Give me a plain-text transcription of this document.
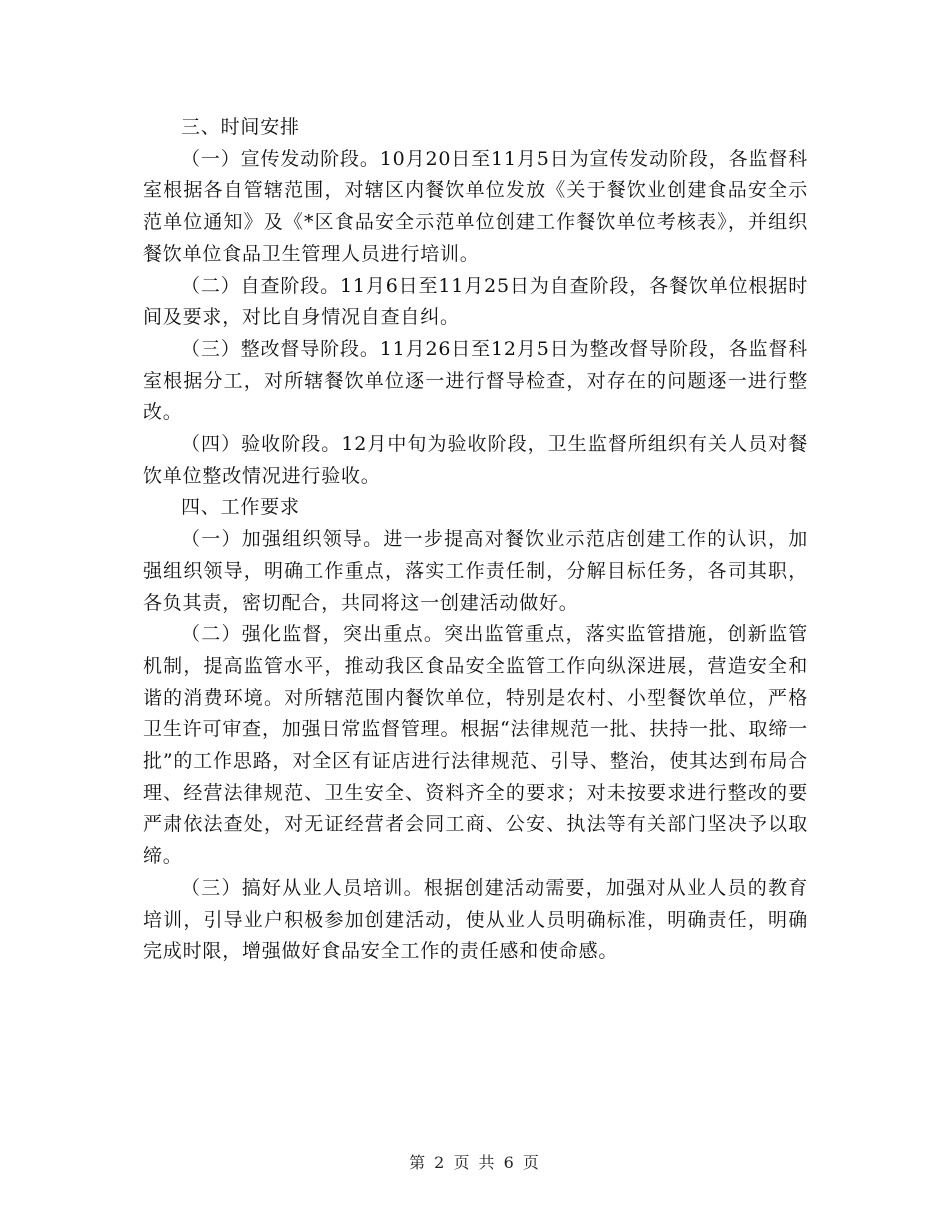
三、时间安排

（一）宣传发动阶段。10月20日至11月5日为宣传发动阶段，各监督科室根据各自管辖范围，对辖区内餐饮单位发放《关于餐饮业创建食品安全示范单位通知》及《*区食品安全示范单位创建工作餐饮单位考核表》，并组织餐饮单位食品卫生管理人员进行培训。

（二）自查阶段。11月6日至11月25日为自查阶段，各餐饮单位根据时间及要求，对比自身情况自查自纠。

（三）整改督导阶段。11月26日至12月5日为整改督导阶段，各监督科室根据分工，对所辖餐饮单位逐一进行督导检查，对存在的问题逐一进行整改。

（四）验收阶段。12月中旬为验收阶段，卫生监督所组织有关人员对餐饮单位整改情况进行验收。

四、工作要求

（一）加强组织领导。进一步提高对餐饮业示范店创建工作的认识，加强组织领导，明确工作重点，落实工作责任制，分解目标任务，各司其职，各负其责，密切配合，共同将这一创建活动做好。

（二）强化监督，突出重点。突出监管重点，落实监管措施，创新监管机制，提高监管水平，推动我区食品安全监管工作向纵深进展，营造安全和谐的消费环境。对所辖范围内餐饮单位，特别是农村、小型餐饮单位，严格卫生许可审查，加强日常监督管理。根据“法律规范一批、扶持一批、取缔一批”的工作思路，对全区有证店进行法律规范、引导、整治，使其达到布局合理、经营法律规范、卫生安全、资料齐全的要求；对未按要求进行整改的要严肃依法查处，对无证经营者会同工商、公安、执法等有关部门坚决予以取缔。

（三）搞好从业人员培训。根据创建活动需要，加强对从业人员的教育培训，引导业户积极参加创建活动，使从业人员明确标准，明确责任，明确完成时限，增强做好食品安全工作的责任感和使命感。

第 2 页 共 6 页
